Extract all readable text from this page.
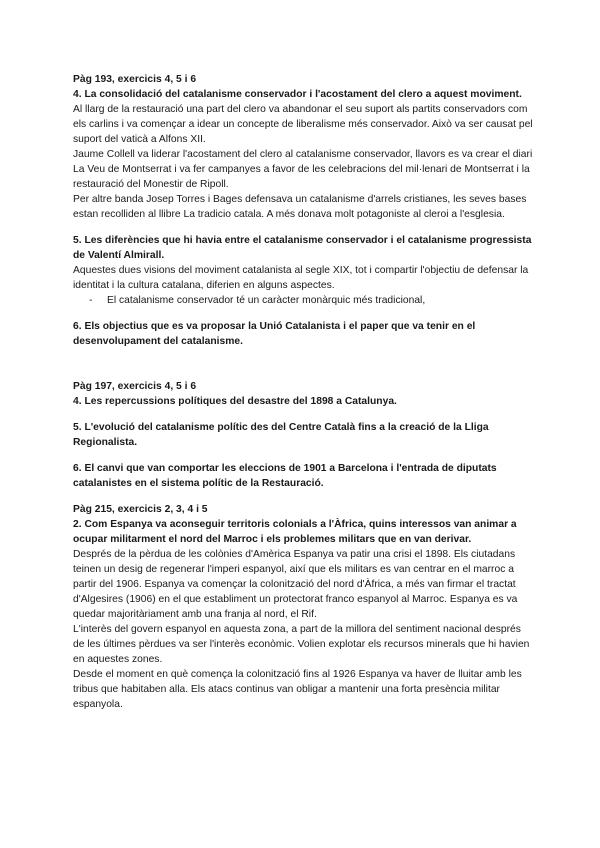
Pàg 193, exercicis 4, 5 i 6

4. La consolidació del catalanisme conservador i l'acostament del clero a aquest moviment.

Al llarg de la restauració una part del clero va abandonar el seu suport als partits conservadors com els carlins i va començar a idear un concepte de liberalisme més conservador. Això va ser causat pel suport del vaticà a Alfons XII.

Jaume Collell va liderar l'acostament del clero al catalanisme conservador, llavors es va crear el diari La Veu de Montserrat i va fer campanyes a favor de les celebracions del mil·lenari de Montserrat i la restauració del Monestir de Ripoll.

Per altre banda Josep Torres i Bages defensava un catalanisme d'arrels cristianes, les seves bases estan recolliden al llibre La tradicio catala. A més donava molt potagoniste al cleroi a l'esglesia.

5. Les diferències que hi havia entre el catalanisme conservador i el catalanisme progressista de Valentí Almirall.

Aquestes dues visions del moviment catalanista al segle XIX, tot i compartir l'objectiu de defensar la identitat i la cultura catalana, diferien en alguns aspectes.

-	El catalanisme conservador té un caràcter monàrquic més tradicional,

6. Els objectius que es va proposar la Unió Catalanista i el paper que va tenir en el desenvolupament del catalanisme.

Pàg 197, exercicis 4, 5 i 6

4. Les repercussions polítiques del desastre del 1898 a Catalunya.

5. L'evolució del catalanisme polític des del Centre Català fins a la creació de la Lliga Regionalista.

6. El canvi que van comportar les eleccions de 1901 a Barcelona i l'entrada de diputats catalanistes en el sistema polític de la Restauració.

Pàg 215, exercicis 2, 3, 4 i 5

2. Com Espanya va aconseguir territoris colonials a l'Àfrica, quins interessos van animar a ocupar militarment el nord del Marroc i els problemes militars que en van derivar.

Després de la pèrdua de les colònies d'Amèrica Espanya va patir una crisi el 1898. Els ciutadans teinen un desig de regenerar l'imperi espanyol, així que els militars es van centrar en el marroc a partir del 1906. Espanya va començar la colonització del nord d'Àfrica, a més van firmar el tractat d'Algesires (1906) en el que establiment un protectorat franco espanyol al Marroc. Espanya es va quedar majoritàriament amb una franja al nord, el Rif.

L'interès del govern espanyol en aquesta zona, a part de la millora del sentiment nacional després de les últimes pèrdues va ser l'interès econòmic. Volien explotar els recursos minerals que hi havien en aquestes zones.

Desde el moment en què comença la colonització fins al 1926 Espanya va haver de lluitar amb les tribus que habitaben alla. Els atacs continus van obligar a mantenir una forta presència militar espanyola.
